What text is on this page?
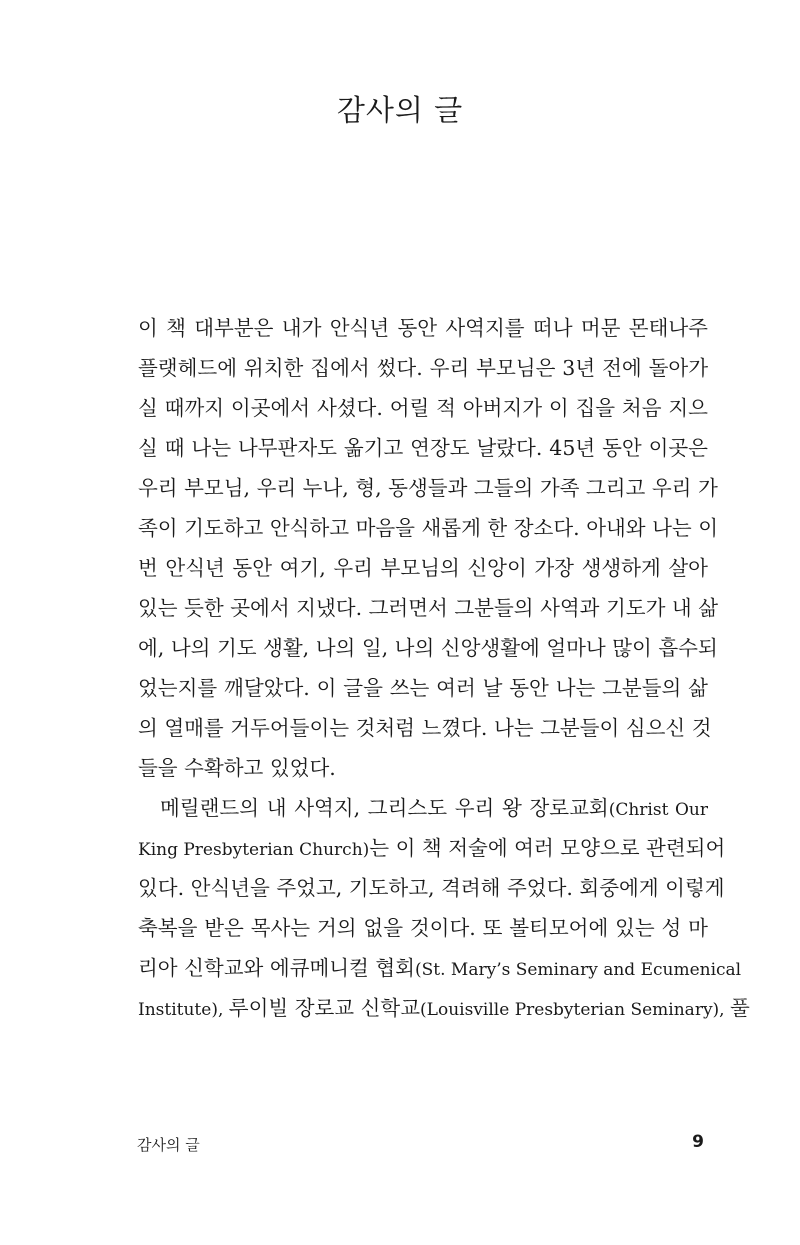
감사의 글
이 책 대부분은 내가 안식년 동안 사역지를 떠나 머문 몬태나주
플랫헤드에 위치한 집에서 썼다. 우리 부모님은 3년 전에 돌아가
실 때까지 이곳에서 사셨다. 어릴 적 아버지가 이 집을 처음 지으
실 때 나는 나무판자도 옮기고 연장도 날랐다. 45년 동안 이곳은
우리 부모님, 우리 누나, 형, 동생들과 그들의 가족 그리고 우리 가
족이 기도하고 안식하고 마음을 새롭게 한 장소다. 아내와 나는 이
번 안식년 동안 여기, 우리 부모님의 신앙이 가장 생생하게 살아
있는 듯한 곳에서 지냈다. 그러면서 그분들의 사역과 기도가 내 삶
에, 나의 기도 생활, 나의 일, 나의 신앙생활에 얼마나 많이 흡수되
었는지를 깨달았다. 이 글을 쓰는 여러 날 동안 나는 그분들의 삶
의 열매를 거두어들이는 것처럼 느꼈다. 나는 그분들이 심으신 것
들을 수확하고 있었다.
메릴랜드의 내 사역지, 그리스도 우리 왕 장로교회(Christ Our
King Presbyterian Church)는 이 책 저술에 여러 모양으로 관련되어
있다. 안식년을 주었고, 기도하고, 격려해 주었다. 회중에게 이렇게
축복을 받은 목사는 거의 없을 것이다. 또 볼티모어에 있는 성 마
리아 신학교와 에큐메니컬 협회(St. Mary’s Seminary and Ecumenical
Institute), 루이빌 장로교 신학교(Louisville Presbyterian Seminary), 풀
감사의 글	9
